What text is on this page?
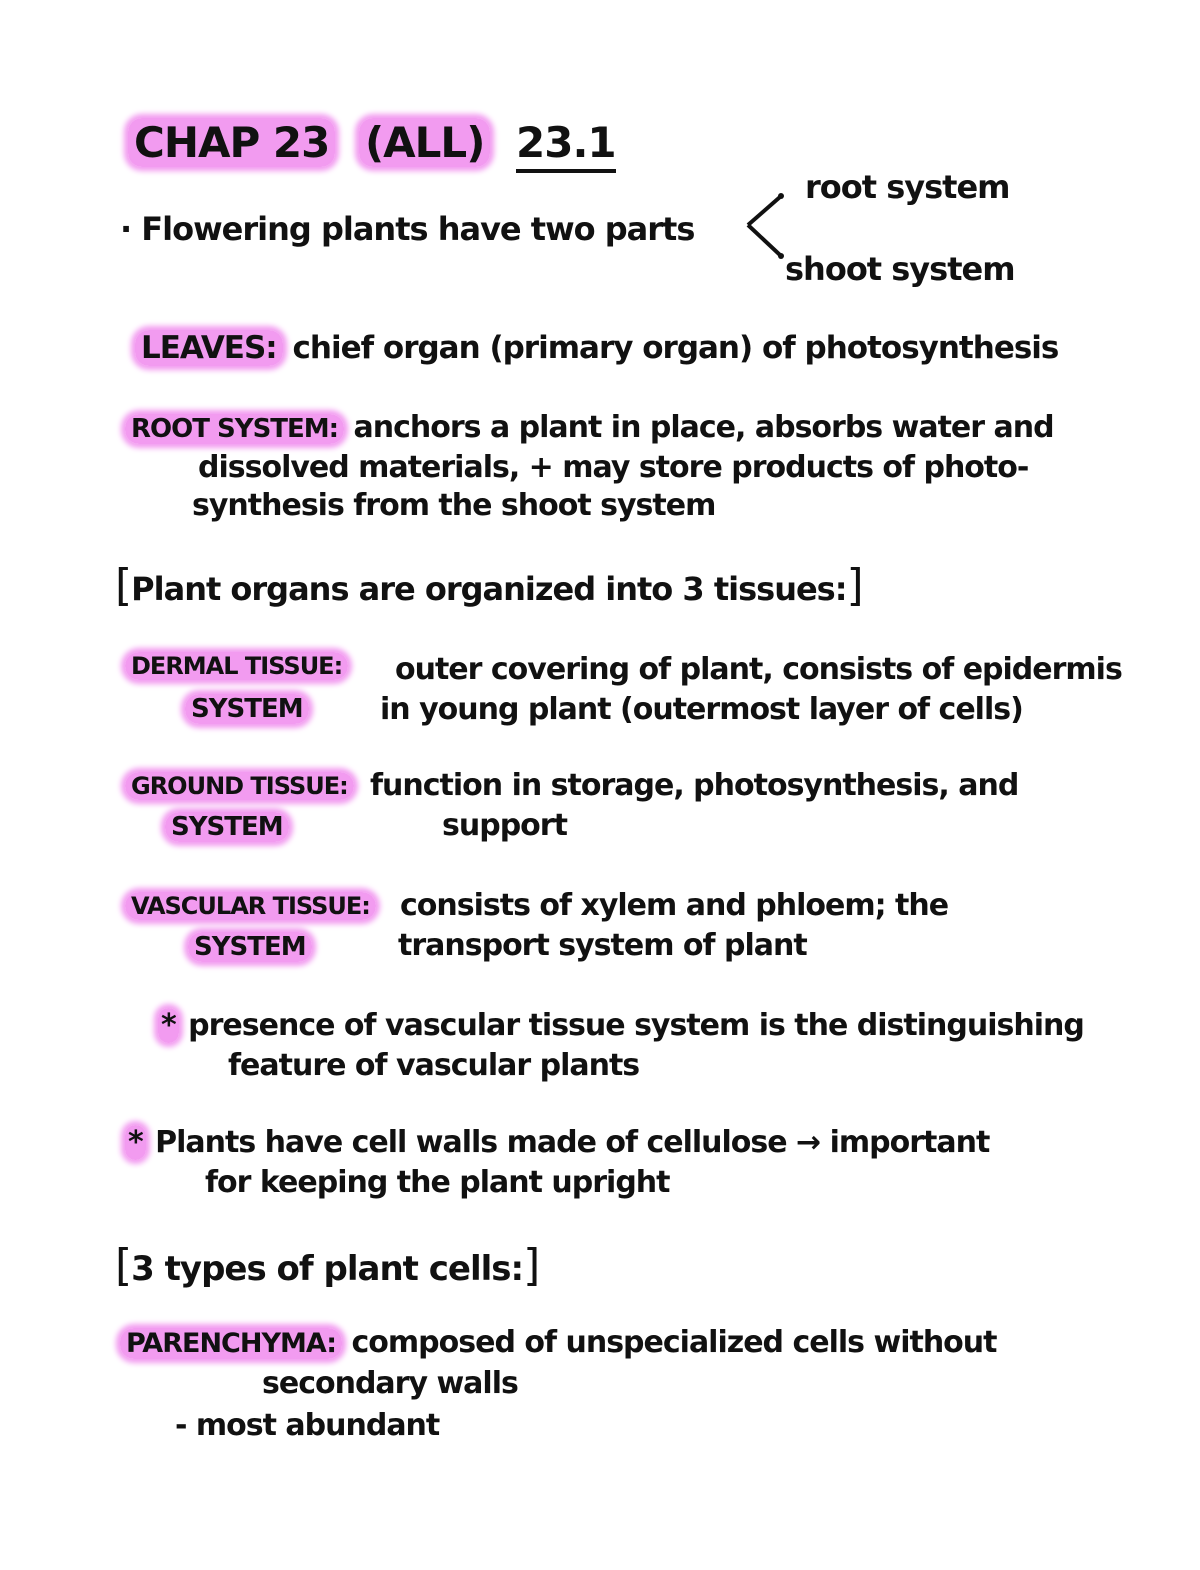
CHAP 23 (ALL) 23.1
· Flowering plants have two parts
root system
shoot system
LEAVES: chief organ (primary organ) of photosynthesis
ROOT SYSTEM: anchors a plant in place, absorbs water and
dissolved materials, + may store products of photo-
synthesis from the shoot system
[Plant organs are organized into 3 tissues:]
DERMAL TISSUE:
SYSTEM
outer covering of plant, consists of epidermis
in young plant (outermost layer of cells)
GROUND TISSUE:
SYSTEM
function in storage, photosynthesis, and
support
VASCULAR TISSUE:
SYSTEM
consists of xylem and phloem; the
transport system of plant
* presence of vascular tissue system is the distinguishing
feature of vascular plants
* Plants have cell walls made of cellulose → important
for keeping the plant upright
[3 types of plant cells:]
PARENCHYMA: composed of unspecialized cells without
secondary walls
- most abundant
